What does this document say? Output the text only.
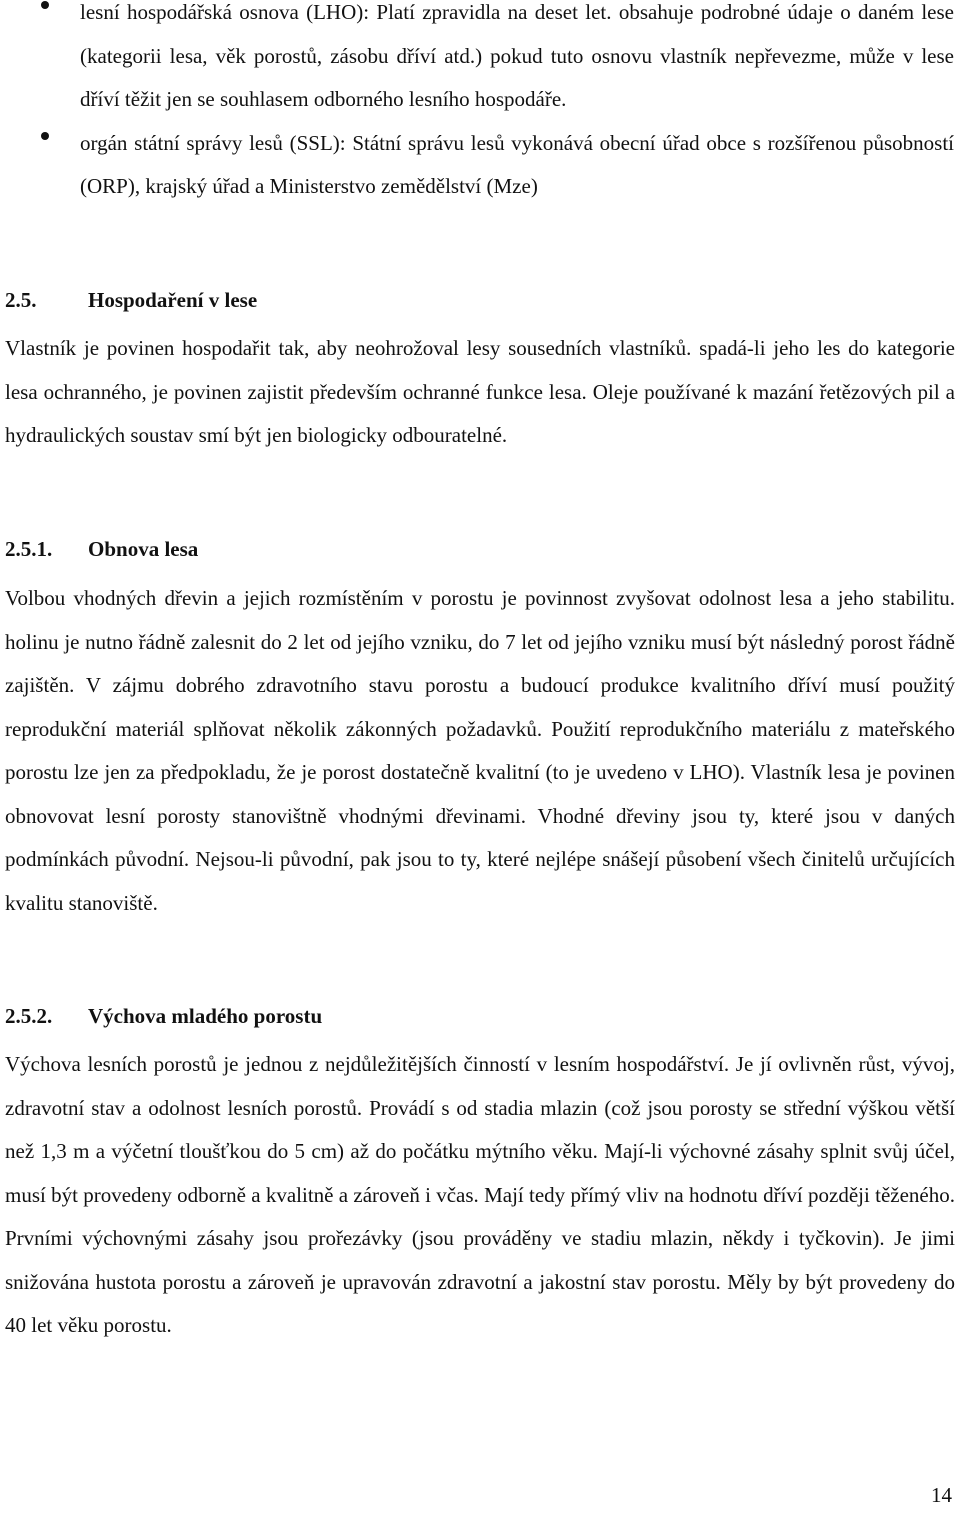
lesní hospodářská osnova (LHO): Platí zpravidla na deset let. obsahuje podrobné údaje o daném lese (kategorii lesa, věk porostů, zásobu dříví atd.) pokud tuto osnovu vlastník nepřevezme, může v lese dříví těžit jen se souhlasem odborného lesního hospodáře.
orgán státní správy lesů (SSL): Státní správu lesů vykonává obecní úřad obce s rozšířenou působností (ORP), krajský úřad a Ministerstvo zemědělství (Mze)
2.5. Hospodaření v lese

Vlastník je povinen hospodařit tak, aby neohrožoval lesy sousedních vlastníků. spadá-li jeho les do kategorie lesa ochranného, je povinen zajistit především ochranné funkce lesa. Oleje používané k mazání řetězových pil a hydraulických soustav smí být jen biologicky odbouratelné.

2.5.1. Obnova lesa

Volbou vhodných dřevin a jejich rozmístěním v porostu je povinnost zvyšovat odolnost lesa a jeho stabilitu. holinu je nutno řádně zalesnit do 2 let od jejího vzniku, do 7 let od jejího vzniku musí být následný porost řádně zajištěn. V zájmu dobrého zdravotního stavu porostu a budoucí produkce kvalitního dříví musí použitý reprodukční materiál splňovat několik zákonných požadavků. Použití reprodukčního materiálu z mateřského porostu lze jen za předpokladu, že je porost dostatečně kvalitní (to je uvedeno v LHO). Vlastník lesa je povinen obnovovat lesní porosty stanovištně vhodnými dřevinami. Vhodné dřeviny jsou ty, které jsou v daných podmínkách původní. Nejsou-li původní, pak jsou to ty, které nejlépe snášejí působení všech činitelů určujících kvalitu stanoviště.

2.5.2. Výchova mladého porostu

Výchova lesních porostů je jednou z nejdůležitějších činností v lesním hospodářství. Je jí ovlivněn růst, vývoj, zdravotní stav a odolnost lesních porostů. Provádí s od stadia mlazin (což jsou porosty se střední výškou větší než 1,3 m a výčetní tloušťkou do 5 cm) až do počátku mýtního věku. Mají-li výchovné zásahy splnit svůj účel, musí být provedeny odborně a kvalitně a zároveň i včas. Mají tedy přímý vliv na hodnotu dříví později těženého. Prvními výchovnými zásahy jsou prořezávky (jsou prováděny ve stadiu mlazin, někdy i tyčkovin). Je jimi snižována hustota porostu a zároveň je upravován zdravotní a jakostní stav porostu. Měly by být provedeny do 40 let věku porostu.

14
